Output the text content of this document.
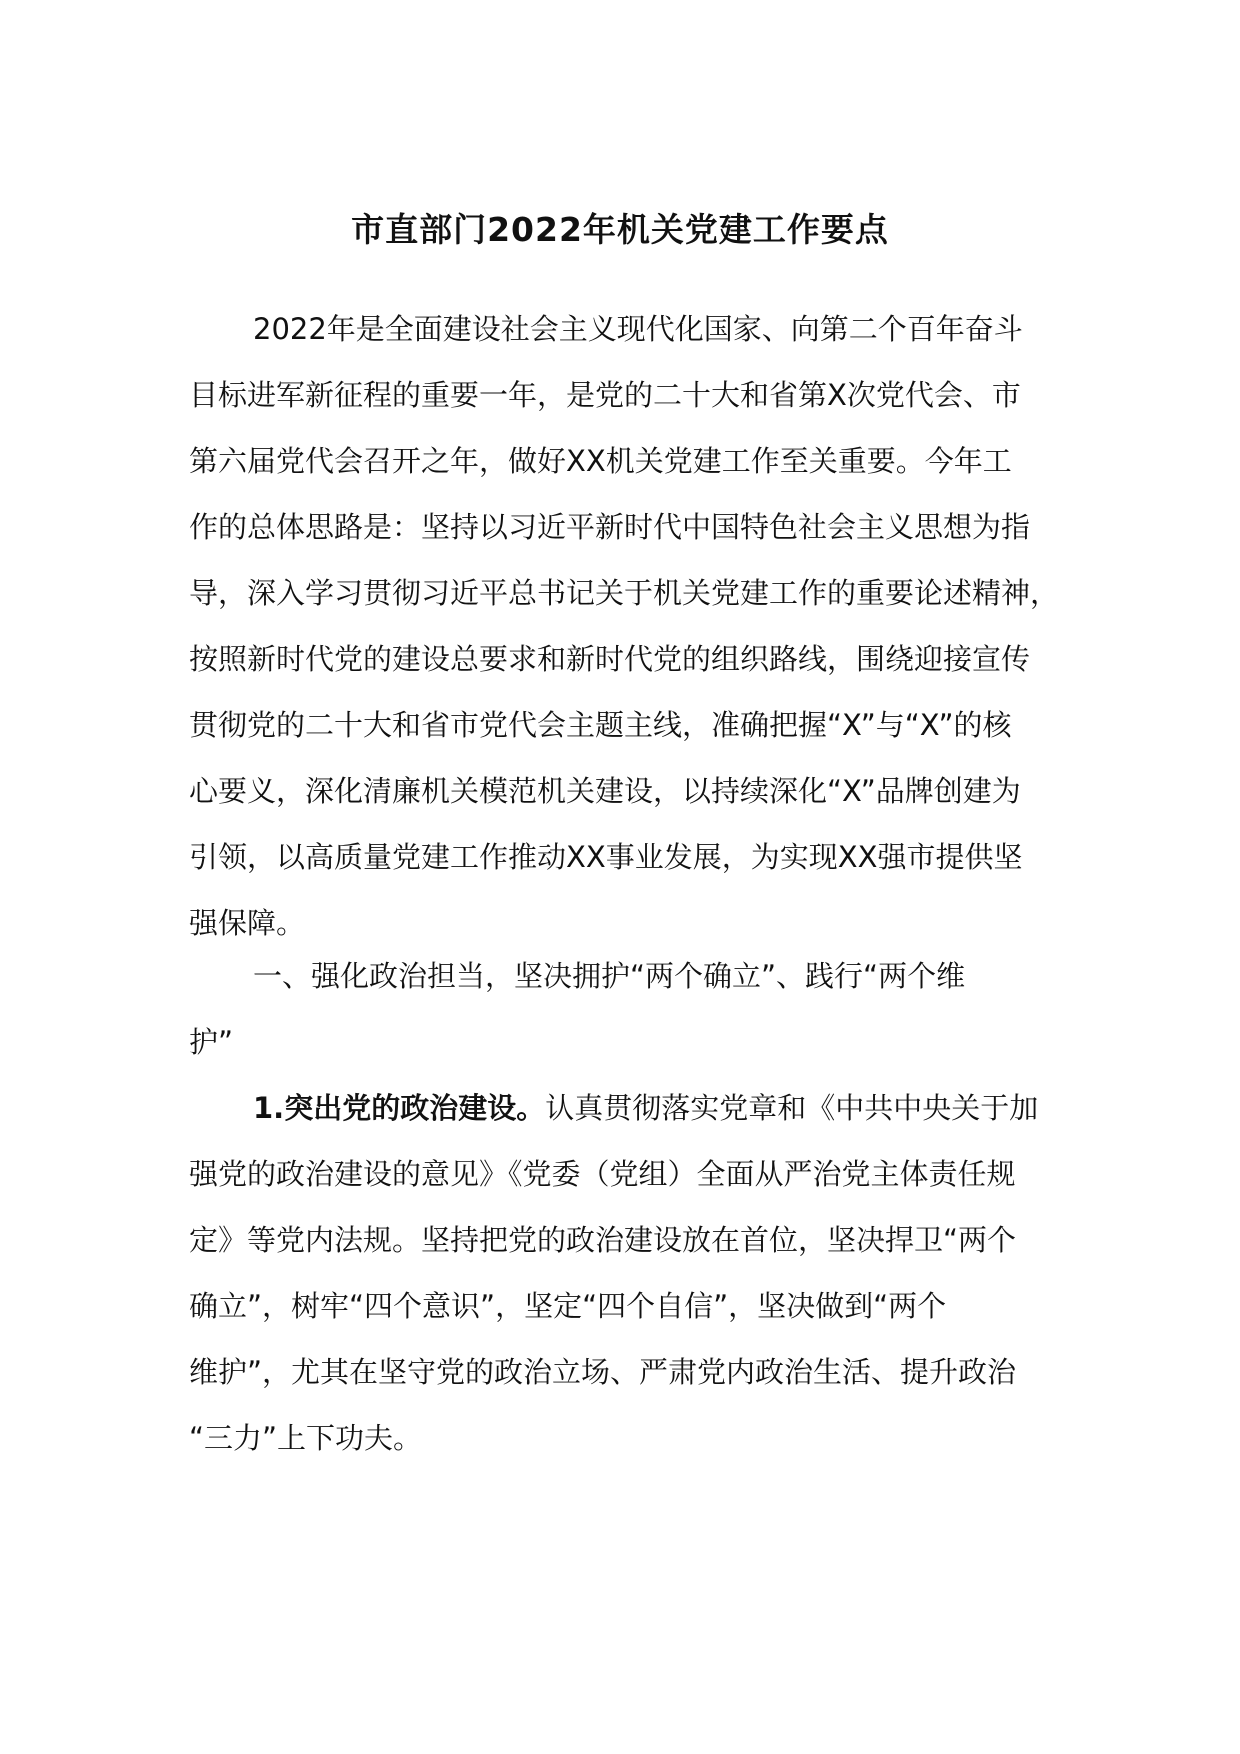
市直部门2022年机关党建工作要点
2022年是全面建设社会主义现代化国家、向第二个百年奋斗
目标进军新征程的重要一年，是党的二十大和省第X次党代会、市
第六届党代会召开之年，做好XX机关党建工作至关重要。今年工
作的总体思路是：坚持以习近平新时代中国特色社会主义思想为指
导，深入学习贯彻习近平总书记关于机关党建工作的重要论述精神，
按照新时代党的建设总要求和新时代党的组织路线，围绕迎接宣传
贯彻党的二十大和省市党代会主题主线，准确把握“X”与“X”的核
心要义，深化清廉机关模范机关建设，以持续深化“X”品牌创建为
引领，以高质量党建工作推动XX事业发展，为实现XX强市提供坚
强保障。
一、强化政治担当，坚决拥护“两个确立”、践行“两个维
护”
1.突出党的政治建设。认真贯彻落实党章和《中共中央关于加
强党的政治建设的意见》《党委（党组）全面从严治党主体责任规
定》等党内法规。坚持把党的政治建设放在首位，坚决捍卫“两个
确立”，树牢“四个意识”，坚定“四个自信”，坚决做到“两个
维护”，尤其在坚守党的政治立场、严肃党内政治生活、提升政治
“三力”上下功夫。
